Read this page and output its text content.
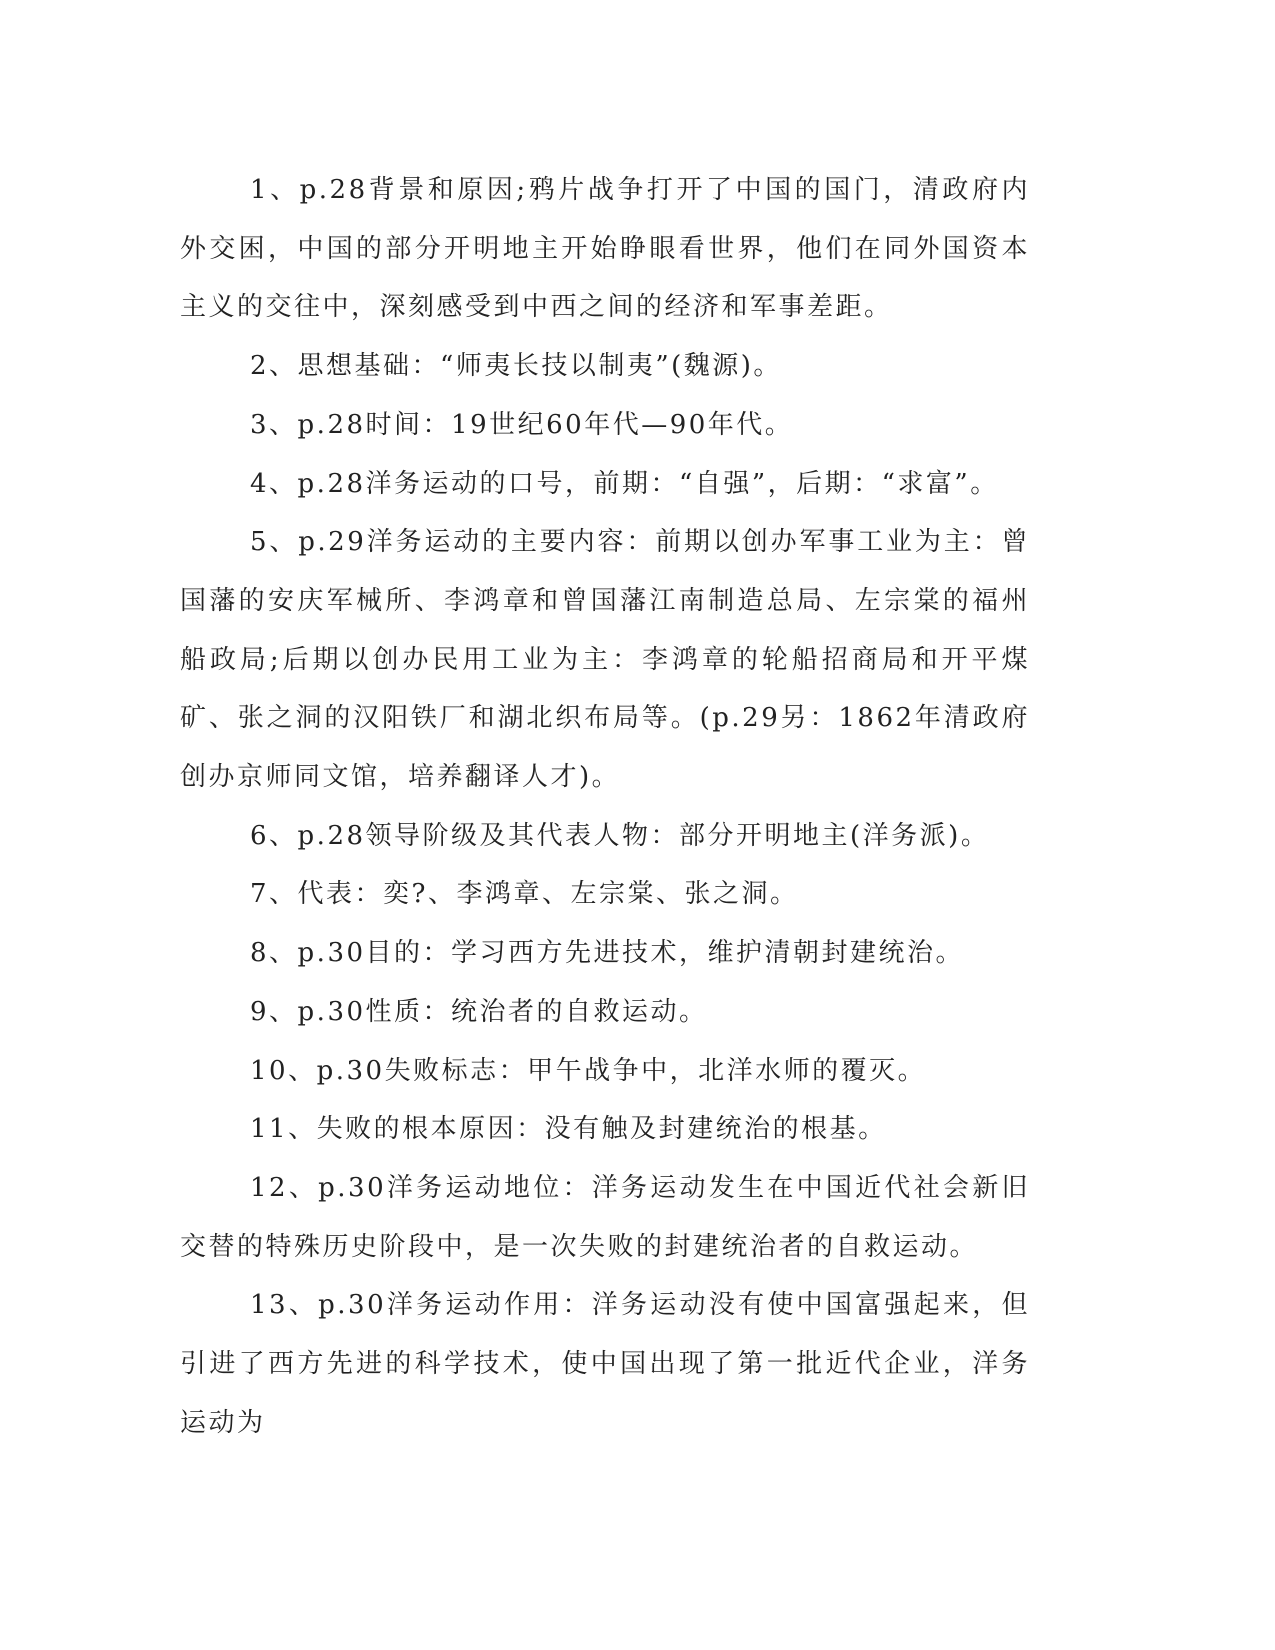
1、p.28背景和原因;鸦片战争打开了中国的国门，清政府内外交困，中国的部分开明地主开始睁眼看世界，他们在同外国资本主义的交往中，深刻感受到中西之间的经济和军事差距。

2、思想基础：“师夷长技以制夷”(魏源)。

3、p.28时间：19世纪60年代—90年代。

4、p.28洋务运动的口号，前期：“自强”，后期：“求富”。

5、p.29洋务运动的主要内容：前期以创办军事工业为主：曾国藩的安庆军械所、李鸿章和曾国藩江南制造总局、左宗棠的福州船政局;后期以创办民用工业为主：李鸿章的轮船招商局和开平煤矿、张之洞的汉阳铁厂和湖北织布局等。(p.29另：1862年清政府创办京师同文馆，培养翻译人才)。

6、p.28领导阶级及其代表人物：部分开明地主(洋务派)。

7、代表：奕?、李鸿章、左宗棠、张之洞。

8、p.30目的：学习西方先进技术，维护清朝封建统治。

9、p.30性质：统治者的自救运动。

10、p.30失败标志：甲午战争中，北洋水师的覆灭。

11、失败的根本原因：没有触及封建统治的根基。

12、p.30洋务运动地位：洋务运动发生在中国近代社会新旧交替的特殊历史阶段中，是一次失败的封建统治者的自救运动。

13、p.30洋务运动作用：洋务运动没有使中国富强起来，但引进了西方先进的科学技术，使中国出现了第一批近代企业，洋务运动为
